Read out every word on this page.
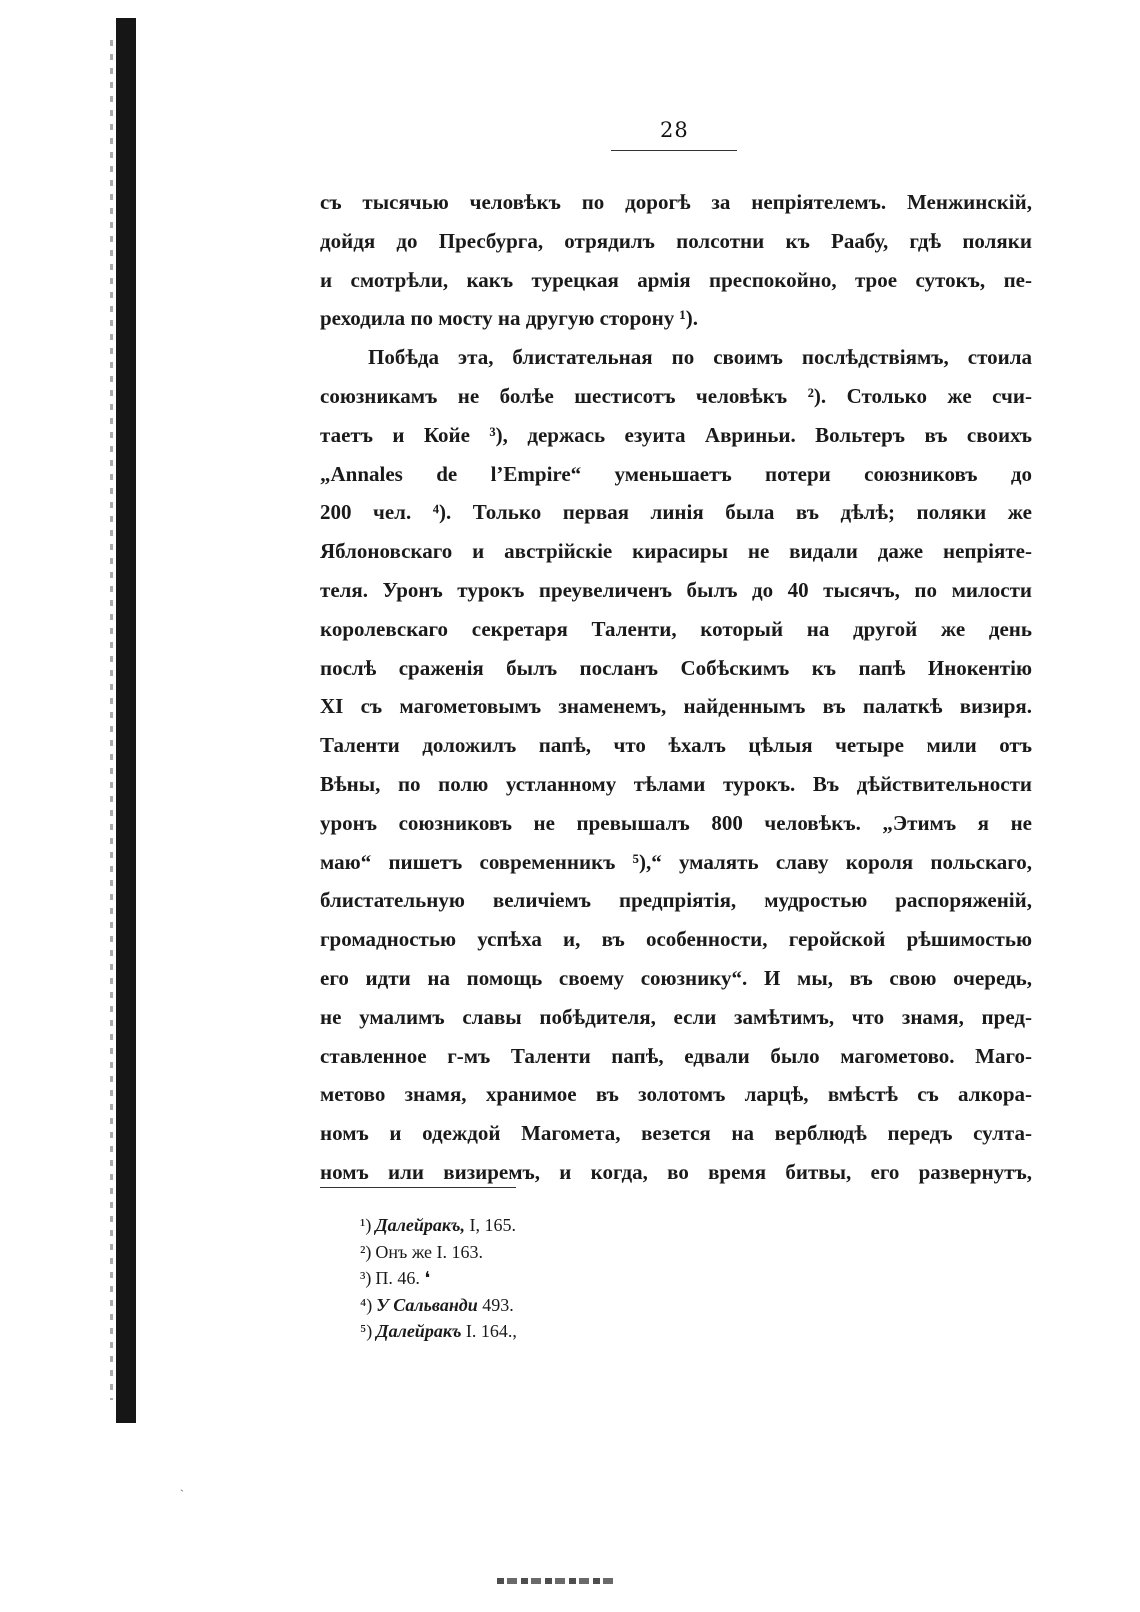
ˎ
28
съ тысячью человѣкъ по дорогѣ за непріятелемъ. Менжинскій,
дойдя до Пресбурга, отрядилъ полсотни къ Раабу, гдѣ поляки
и смотрѣли, какъ турецкая армія преспокойно, трое сутокъ, пе-
реходила по мосту на другую сторону ¹).
Побѣда эта, блистательная по своимъ послѣдствіямъ, стоила
союзникамъ не болѣе шестисотъ человѣкъ ²). Столько же счи-
таетъ и Койе ³), держась езуита Авриньи. Вольтеръ въ своихъ
„Annales de l’Empire“ уменьшаетъ потери союзниковъ до
200 чел. ⁴). Только первая линія была въ дѣлѣ; поляки же
Яблоновскаго и австрійскіе кирасиры не видали даже непріяте-
теля. Уронъ турокъ преувеличенъ былъ до 40 тысячъ, по милости
королевскаго секретаря Таленти, который на другой же день
послѣ сраженія былъ посланъ Собѣскимъ къ папѣ Инокентію
XI съ магометовымъ знаменемъ, найденнымъ въ палаткѣ визиря.
Таленти доложилъ папѣ, что ѣхалъ цѣлыя четыре мили отъ
Вѣны, по полю устланному тѣлами турокъ. Въ дѣйствительности
уронъ союзниковъ не превышалъ 800 человѣкъ. „Этимъ я не
маю“ пишетъ современникъ ⁵),“ умалять славу короля польскаго,
блистательную величіемъ предпріятія, мудростью распоряженій,
громадностью успѣха и, въ особенности, геройской рѣшимостью
его идти на помощь своему союзнику“. И мы, въ свою очередь,
не умалимъ славы побѣдителя, если замѣтимъ, что знамя, пред-
ставленное г-мъ Таленти папѣ, едвали было магометово. Маго-
метово знамя, хранимое въ золотомъ ларцѣ, вмѣстѣ съ алкора-
номъ и одеждой Магомета, везется на верблюдѣ передъ султа-
номъ или визиремъ, и когда, во время битвы, его развернутъ,
¹) Далейракъ, I, 165.
²) Онъ же I. 163.
³) П. 46. ❛
⁴) У Сальванди 493.
⁵) Далейракъ I. 164.,
